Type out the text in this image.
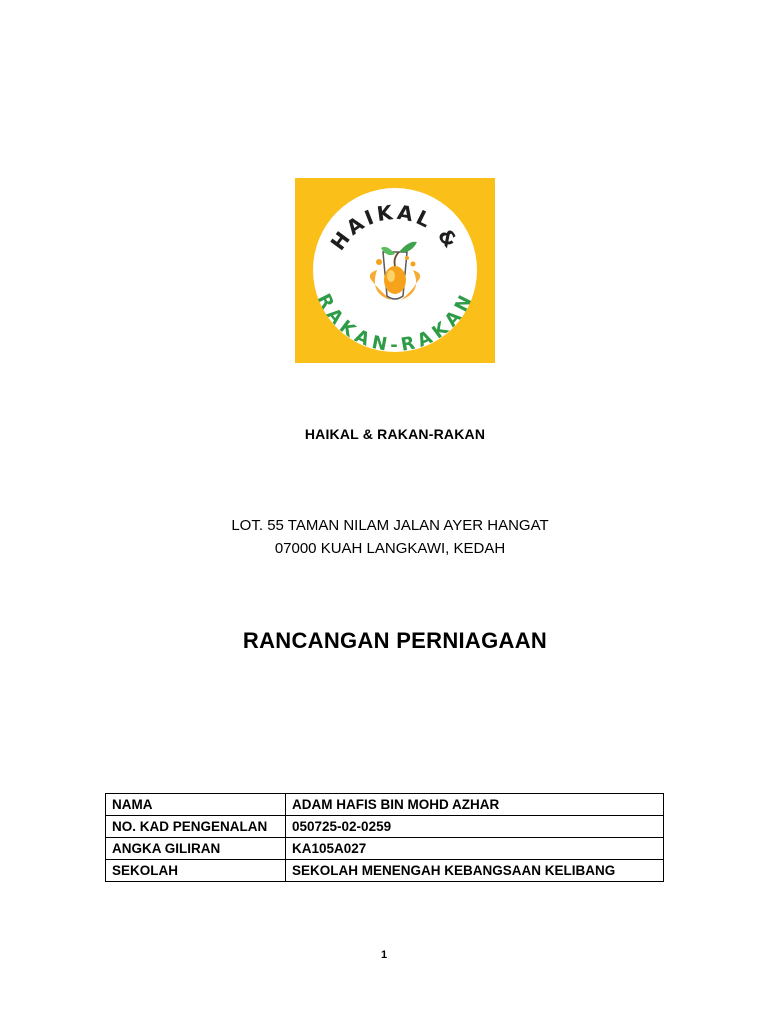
HAIKAL &
RAKAN-RAKAN
HAIKAL & RAKAN-RAKAN
LOT. 55 TAMAN NILAM JALAN AYER HANGAT
07000 KUAH LANGKAWI, KEDAH
RANCANGAN PERNIAGAAN
NAMA	ADAM HAFIS BIN MOHD AZHAR
NO. KAD PENGENALAN	050725-02-0259
ANGKA GILIRAN	KA105A027
SEKOLAH	SEKOLAH MENENGAH KEBANGSAAN KELIBANG
1
